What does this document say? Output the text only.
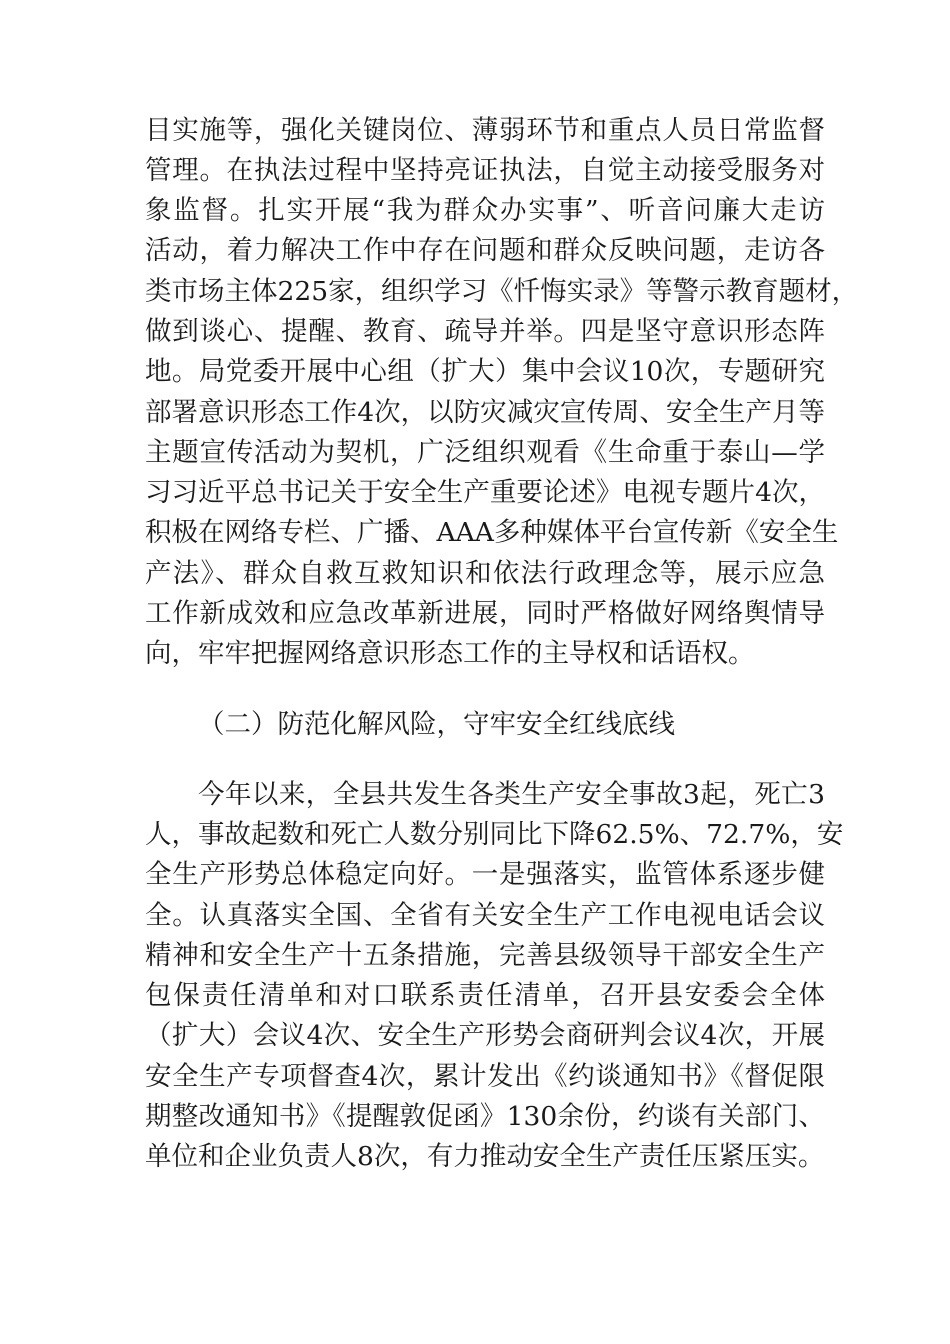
目实施等，强化关键岗位、薄弱环节和重点人员日常监督
管理。在执法过程中坚持亮证执法，自觉主动接受服务对
象监督。扎实开展“我为群众办实事”、听音问廉大走访
活动，着力解决工作中存在问题和群众反映问题，走访各
类市场主体225家，组织学习《忏悔实录》等警示教育题材，
做到谈心、提醒、教育、疏导并举。四是坚守意识形态阵
地。局党委开展中心组（扩大）集中会议10次，专题研究
部署意识形态工作4次，以防灾减灾宣传周、安全生产月等
主题宣传活动为契机，广泛组织观看《生命重于泰山—学
习习近平总书记关于安全生产重要论述》电视专题片4次，
积极在网络专栏、广播、AAA多种媒体平台宣传新《安全生
产法》、群众自救互救知识和依法行政理念等，展示应急
工作新成效和应急改革新进展，同时严格做好网络舆情导
向，牢牢把握网络意识形态工作的主导权和话语权。
（二）防范化解风险，守牢安全红线底线
今年以来，全县共发生各类生产安全事故3起，死亡3
人，事故起数和死亡人数分别同比下降62.5%、72.7%，安
全生产形势总体稳定向好。一是强落实，监管体系逐步健
全。认真落实全国、全省有关安全生产工作电视电话会议
精神和安全生产十五条措施，完善县级领导干部安全生产
包保责任清单和对口联系责任清单，召开县安委会全体
（扩大）会议4次、安全生产形势会商研判会议4次，开展
安全生产专项督查4次，累计发出《约谈通知书》《督促限
期整改通知书》《提醒敦促函》130余份，约谈有关部门、
单位和企业负责人8次，有力推动安全生产责任压紧压实。
